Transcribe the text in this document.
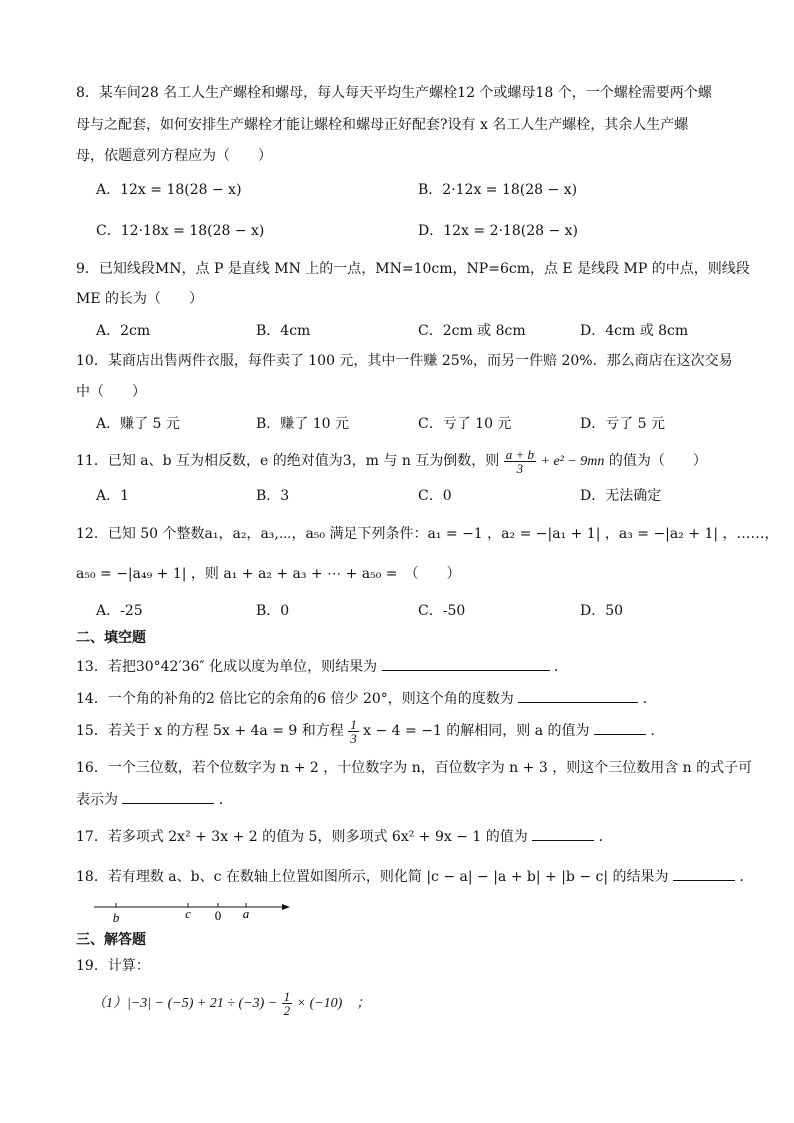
8．某车间28 名工人生产螺栓和螺母，每人每天平均生产螺栓12 个或螺母18 个，一个螺栓需要两个螺
母与之配套，如何安排生产螺栓才能让螺栓和螺母正好配套?设有 x 名工人生产螺栓，其余人生产螺
母，依题意列方程应为（　　）
A．12x = 18(28 − x)	B．2·12x = 18(28 − x)
C．12·18x = 18(28 − x)	D．12x = 2·18(28 − x)
9．已知线段MN，点 P 是直线 MN 上的一点，MN=10cm，NP=6cm，点 E 是线段 MP 的中点，则线段
ME 的长为（　　）
A．2cm	B．4cm	C．2cm 或 8cm	D．4cm 或 8cm
10．某商店出售两件衣服，每件卖了 100 元，其中一件赚 25%，而另一件赔 20%．那么商店在这次交易
中（　　）
A．赚了 5 元	B．赚了 10 元	C．亏了 10 元	D．亏了 5 元
11．已知 a、b 互为相反数，e 的绝对值为3，m 与 n 互为倒数，则 $\frac{a + b}{3} + e^2 - 9mn$ 的值为（　　）
A．1	B．3	C．0	D．无法确定
12．已知 50 个整数a₁，a₂，a₃,⋯，a₅₀ 满足下列条件：a₁ = −1 ，a₂ = −|a₁ + 1| ，a₃ = −|a₂ + 1| ，……，
a₅₀ = −|a₄₉ + 1| ，则 a₁ + a₂ + a₃ + ⋯ + a₅₀ =　（　　）
A．-25	B．0	C．-50	D．50
二、填空题
13．若把30°42′36″ 化成以度为单位，则结果为	．
14．一个角的补角的2 倍比它的余角的6 倍少 20°，则这个角的度数为	．
15．若关于 x 的方程 5x + 4a = 9 和方程 $\frac{1}{3}$ x − 4 = −1 的解相同，则 a 的值为	．
16．一个三位数，若个位数字为 n + 2 ，十位数字为 n，百位数字为 n + 3 ，则这个三位数用含 n 的式子可
表示为	．
17．若多项式 2x² + 3x + 2 的值为 5，则多项式 6x² + 9x − 1 的值为	．
18．若有理数 a、b、c 在数轴上位置如图所示，则化简 |c − a| − |a + b| + |b − c| 的结果为	．
b	c 0 a
三、解答题
19．计算：
$(1)|-3| - (-5) + 21 \div (-3) - \frac{1}{2} \times (-10)$　；
